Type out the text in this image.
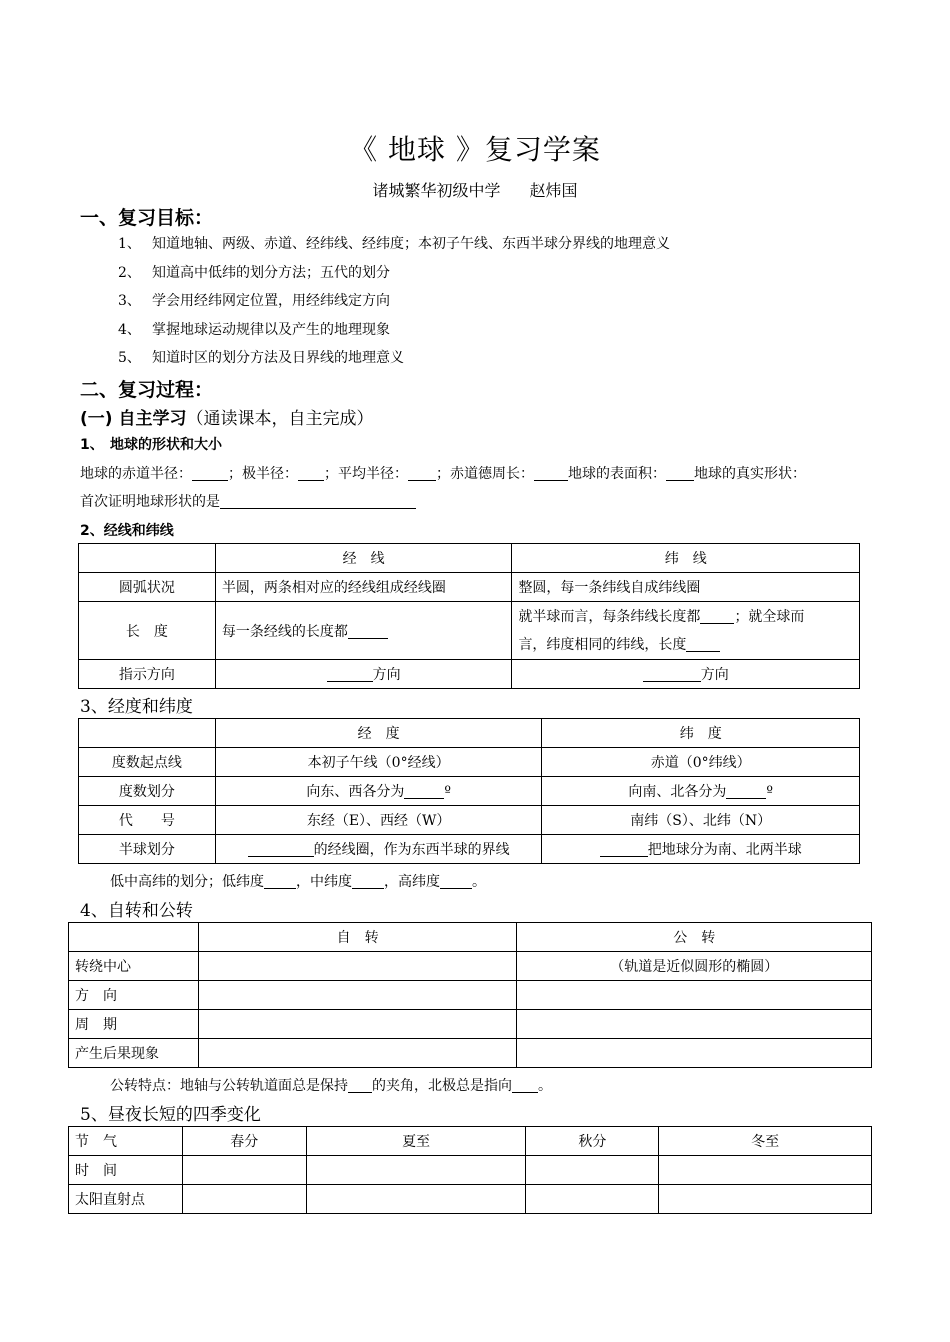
《 地球 》复习学案
诸城繁华初级中学 赵炜国
一、复习目标：
1、 知道地轴、两级、赤道、经纬线、经纬度；本初子午线、东西半球分界线的地理意义
2、 知道高中低纬的划分方法；五代的划分
3、 学会用经纬网定位置，用经纬线定方向
4、 掌握地球运动规律以及产生的地理现象
5、 知道时区的划分方法及日界线的地理意义
二、复习过程：
(一) 自主学习（通读课本，自主完成）
1、 地球的形状和大小
地球的赤道半径：	；极半径： ；平均半径： ；赤道德周长： 地球的表面积： 地球的真实形状：
首次证明地球形状的是
2、经线和纬线
	经　线	纬　线
圆弧状况	半圆，两条相对应的经线组成经线圈	整圆，每一条纬线自成纬线圈
长　度	每一条经线的长度都	就半球而言，每条纬线长度都 ；就全球而
言，纬度相同的纬线，长度
指示方向	方向	方向
3、经度和纬度
	经　度	纬　度
度数起点线	本初子午线（0°经线）	赤道（0°纬线）
度数划分	向东、西各分为 º	向南、北各分为 º
代　　号	东经（E）、西经（W）	南纬（S）、北纬（N）
半球划分	的经线圈，作为东西半球的界线	把地球分为南、北两半球
低中高纬的划分；低纬度 ，中纬度 ，高纬度 。
4、自转和公转
	自　转	公　转
转绕中心		（轨道是近似圆形的椭圆）
方　向		
周　期		
产生后果现象		
公转特点：地轴与公转轨道面总是保持 的夹角，北极总是指向 。
5、昼夜长短的四季变化
节　气	春分	夏至	秋分	冬至
时　间				
太阳直射点				
